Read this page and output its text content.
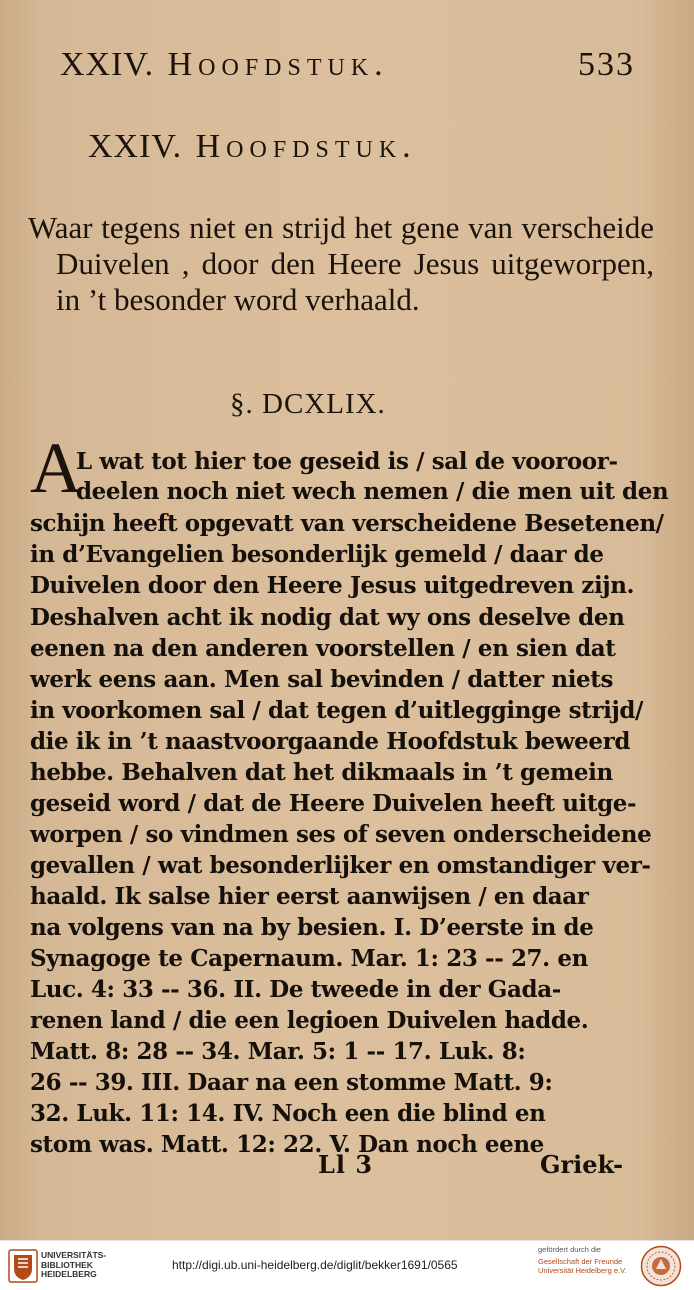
XXIV. Hoofdstuk.	533
XXIV. Hoofdstuk.
Waar tegens niet en strijd het gene van verscheide Duivelen , door den Heere Jesus uitgeworpen, in ’t besonder word verhaald.
§. DCXLIX.
A
L wat tot hier toe geseid is / sal de vooroor-
deelen noch niet wech nemen / die men uit den
schijn heeft opgevatt van verscheidene Besetenen/
in d’Evangelien besonderlijk gemeld / daar de
Duivelen door den Heere Jesus uitgedreven zijn.
Deshalven acht ik nodig dat wy ons deselve den
eenen na den anderen voorstellen / en sien dat
werk eens aan. Men sal bevinden / datter niets
in voorkomen sal / dat tegen d’uitlegginge strijd/
die ik in ’t naastvoorgaande Hoofdstuk beweerd
hebbe. Behalven dat het dikmaals in ’t gemein
geseid word / dat de Heere Duivelen heeft uitge-
worpen / so vindmen ses of seven onderscheidene
gevallen / wat besonderlijker en omstandiger ver-
haald. Ik salse hier eerst aanwijsen / en daar
na volgens van na by besien. I. D’eerste in de
Synagoge te Capernaum. Mar. 1: 23 -- 27. en
Luc. 4: 33 -- 36. II. De tweede in der Gada-
renen land / die een legioen Duivelen hadde.
Matt. 8: 28 -- 34. Mar. 5: 1 -- 17. Luk. 8:
26 -- 39. III. Daar na een stomme Matt. 9:
32. Luk. 11: 14. IV. Noch een die blind en
stom was. Matt. 12: 22. V. Dan noch eene
Ll 3	Griek-
UNIVERSITÄTS-
BIBLIOTHEK
HEIDELBERG
http://digi.ub.uni-heidelberg.de/diglit/bekker1691/0565
gefördert durch die
Gesellschaft der Freunde
Universität Heidelberg e.V.
